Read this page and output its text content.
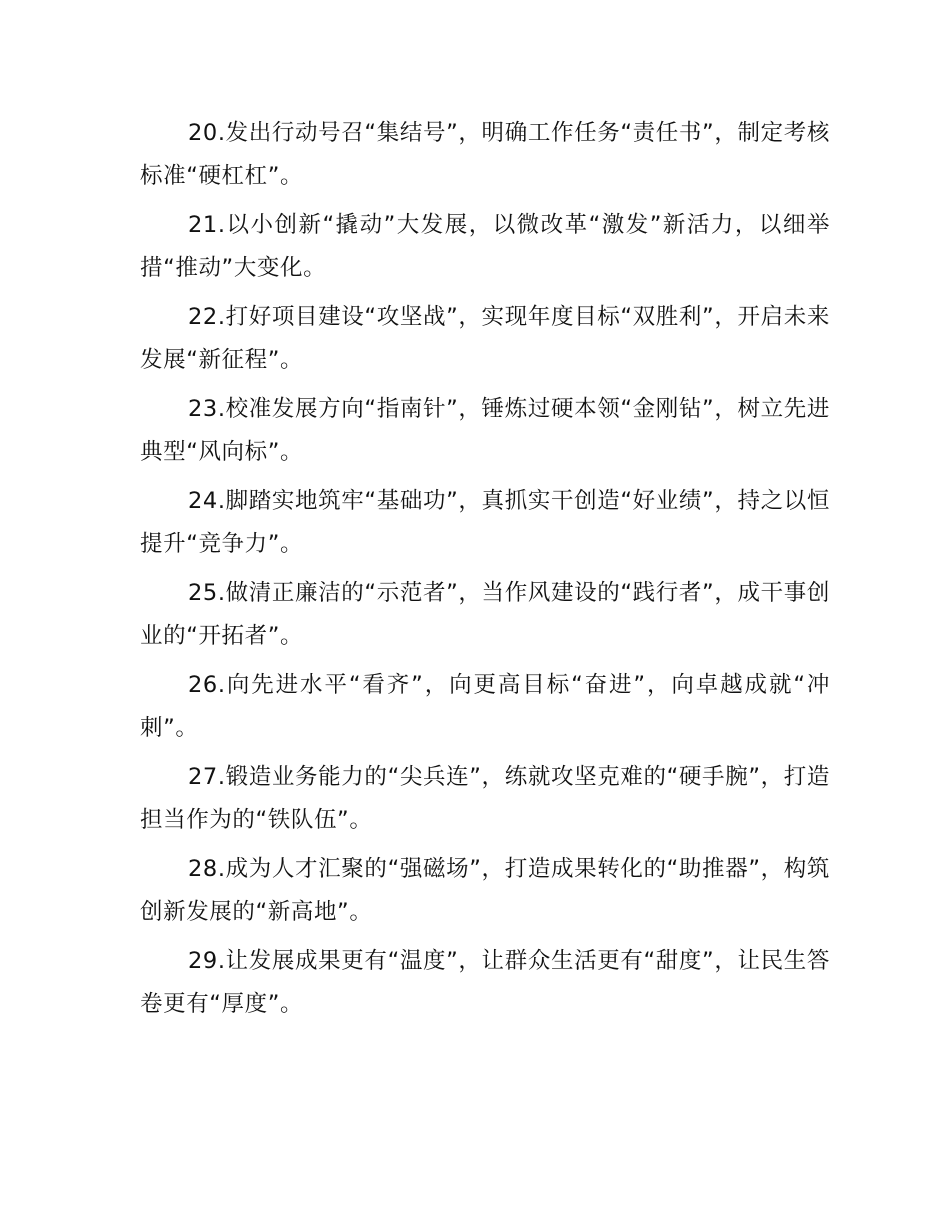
20.发出行动号召“集结号”，明确工作任务“责任书”，制定考核标准“硬杠杠”。

21.以小创新“撬动”大发展，以微改革“激发”新活力，以细举措“推动”大变化。

22.打好项目建设“攻坚战”，实现年度目标“双胜利”，开启未来发展“新征程”。

23.校准发展方向“指南针”，锤炼过硬本领“金刚钻”，树立先进典型“风向标”。

24.脚踏实地筑牢“基础功”，真抓实干创造“好业绩”，持之以恒提升“竞争力”。

25.做清正廉洁的“示范者”，当作风建设的“践行者”，成干事创业的“开拓者”。

26.向先进水平“看齐”，向更高目标“奋进”，向卓越成就“冲刺”。

27.锻造业务能力的“尖兵连”，练就攻坚克难的“硬手腕”，打造担当作为的“铁队伍”。

28.成为人才汇聚的“强磁场”，打造成果转化的“助推器”，构筑创新发展的“新高地”。

29.让发展成果更有“温度”，让群众生活更有“甜度”，让民生答卷更有“厚度”。
